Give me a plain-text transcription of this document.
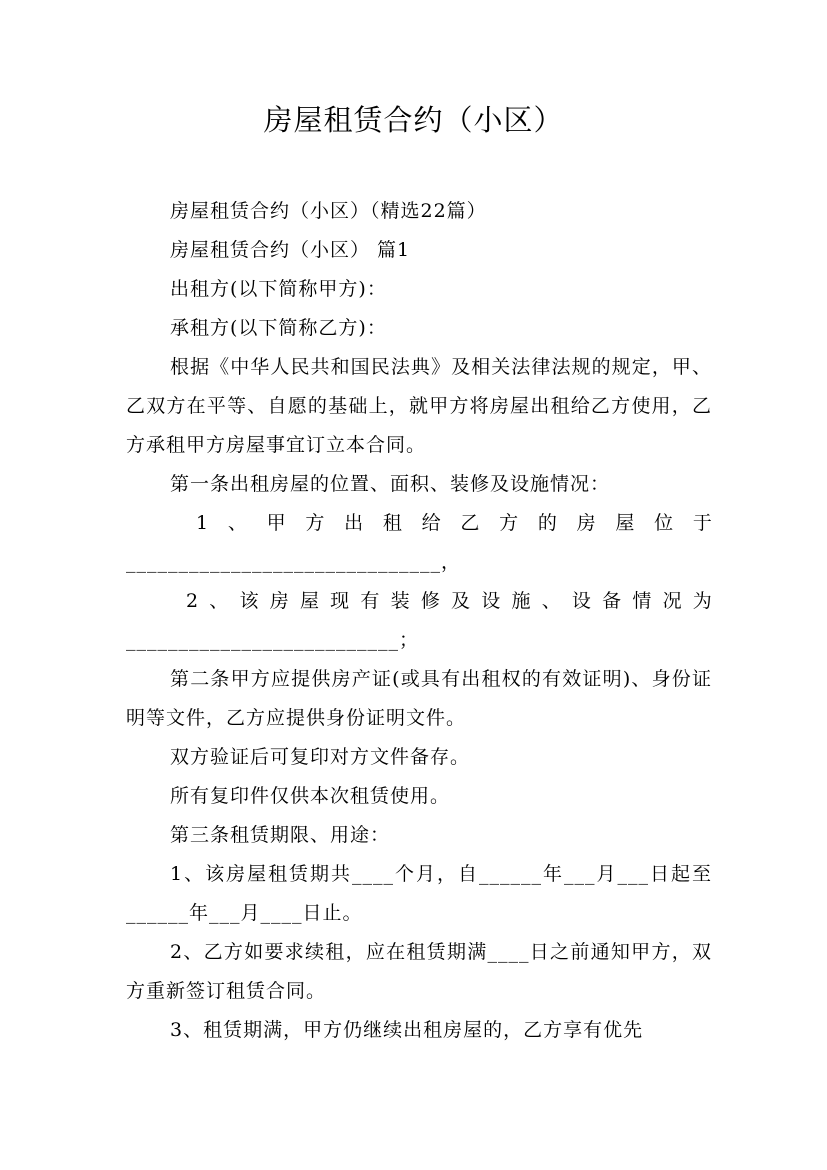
房屋租赁合约（小区）

房屋租赁合约（小区）（精选22篇）

房屋租赁合约（小区） 篇1

出租方(以下简称甲方)：

承租方(以下简称乙方)：

根据《中华人民共和国民法典》及相关法律法规的规定，甲、乙双方在平等、自愿的基础上，就甲方将房屋出租给乙方使用，乙方承租甲方房屋事宜订立本合同。

第一条出租房屋的位置、面积、装修及设施情况：

1 、 甲 方 出 租 给 乙 方 的 房 屋 位 于
______________________________，
2 、 该 房 屋 现 有 装 修 及 设 施 、 设 备 情 况 为
__________________________；

第二条甲方应提供房产证(或具有出租权的有效证明)、身份证明等文件，乙方应提供身份证明文件。

双方验证后可复印对方文件备存。

所有复印件仅供本次租赁使用。

第三条租赁期限、用途：

1、该房屋租赁期共____个月，自______年___月___日起至______年___月____日止。

2、乙方如要求续租，应在租赁期满____日之前通知甲方，双方重新签订租赁合同。

3、租赁期满，甲方仍继续出租房屋的，乙方享有优先
